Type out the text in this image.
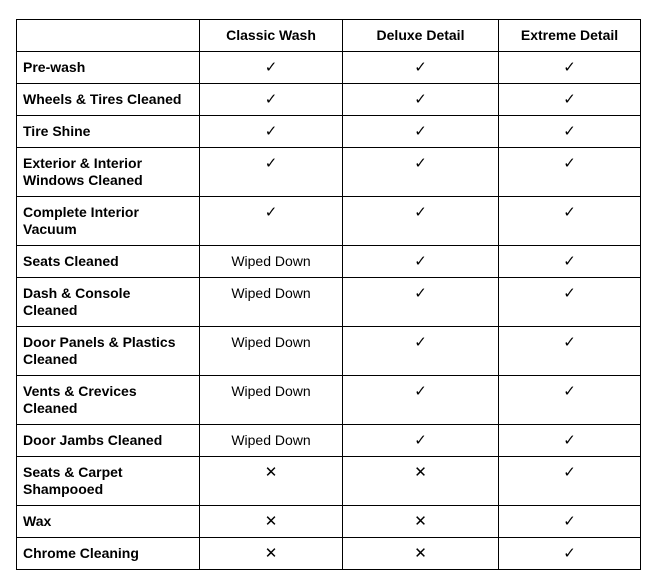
	Classic Wash	Deluxe Detail	Extreme Detail
Pre-wash	✓	✓	✓
Wheels & Tires Cleaned	✓	✓	✓
Tire Shine	✓	✓	✓
Exterior & Interior
Windows Cleaned	✓	✓	✓
Complete Interior
Vacuum	✓	✓	✓
Seats Cleaned	Wiped Down	✓	✓
Dash & Console
Cleaned	Wiped Down	✓	✓
Door Panels & Plastics
Cleaned	Wiped Down	✓	✓
Vents & Crevices
Cleaned	Wiped Down	✓	✓
Door Jambs Cleaned	Wiped Down	✓	✓
Seats & Carpet
Shampooed	✕	✕	✓
Wax	✕	✕	✓
Chrome Cleaning	✕	✕	✓
